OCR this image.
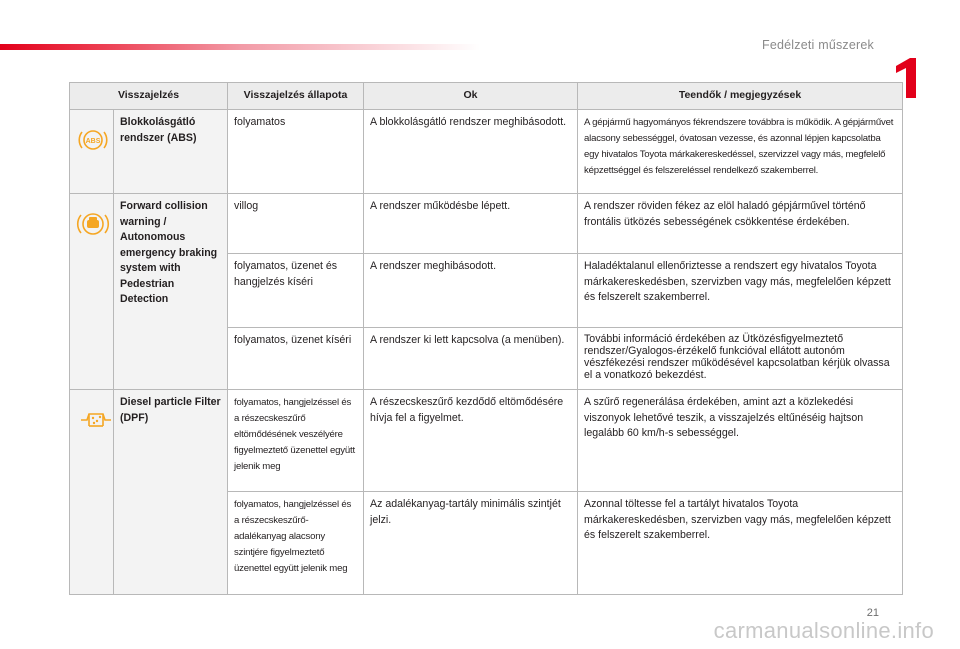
Fedélzeti műszerek
Visszajelzés		Visszajelzés állapota	Ok	Teendők / megjegyzések

ABS	Blokkolásgátló rendszer (ABS)	folyamatos	A blokkolásgátló rendszer meghibásodott.	A gépjármű hagyományos fékrendszere továbbra is működik. A gépjárművet alacsony sebességgel, óvatosan vezesse, és azonnal lépjen kapcsolatba egy hivatalos Toyota márkakereskedéssel, szervizzel vagy más, megfelelő képzettséggel és felszereléssel rendelkező szakemberrel.

	Forward collision warning / Autonomous emergency braking system with Pedestrian Detection	villog	A rendszer működésbe lépett.	A rendszer röviden fékez az elöl haladó gépjárművel történő frontális ütközés sebességének csökkentése érdekében.
		folyamatos, üzenet és hangjelzés kíséri	A rendszer meghibásodott.	Haladéktalanul ellenőriztesse a rendszert egy hivatalos Toyota márkakereskedésben, szervizben vagy más, megfelelően képzett és felszerelt szakemberrel.
		folyamatos, üzenet kíséri	A rendszer ki lett kapcsolva (a menüben).	További információ érdekében az Ütközésfigyelmeztető rendszer/Gyalogos-érzékelő funkcióval ellátott autonóm vészfékezési rendszer működésével kapcsolatban kérjük olvassa el a vonatkozó bekezdést.

	Diesel particle Filter (DPF)	folyamatos, hangjelzéssel és a részecskeszűrő eltömődésének veszélyére figyelmeztető üzenettel együtt jelenik meg	A részecskeszűrő kezdődő eltömődésére hívja fel a figyelmet.	A szűrő regenerálása érdekében, amint azt a közlekedési viszonyok lehetővé teszik, a visszajelzés eltűnéséig hajtson legalább 60 km/h-s sebességgel.
		folyamatos, hangjelzéssel és a részecskeszűrő-adalékanyag alacsony szintjére figyelmeztető üzenettel együtt jelenik meg	Az adalékanyag-tartály minimális szintjét jelzi.	Azonnal töltesse fel a tartályt hivatalos Toyota márkakereskedésben, szervizben vagy más, megfelelően képzett és felszerelt szakemberrel.
21
carmanualsonline.info
